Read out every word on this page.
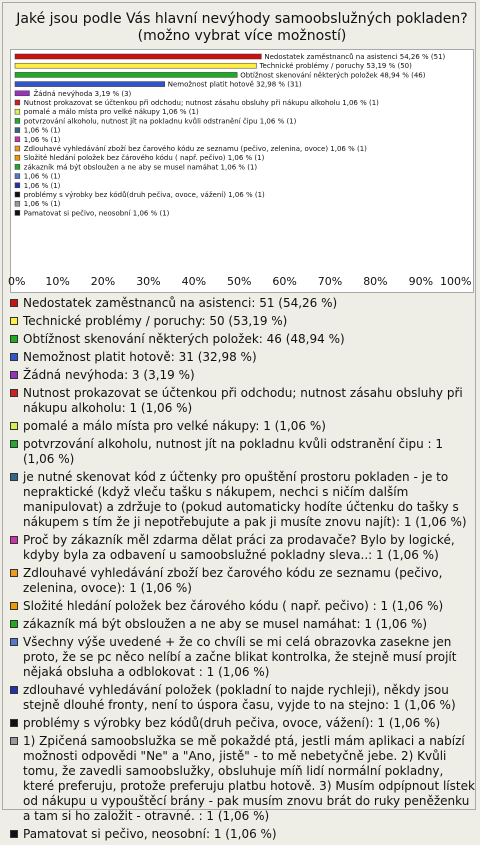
Jaké jsou podle Vás hlavní nevýhody samoobslužných pokladen?
(možno vybrat více možností)
Nedostatek zaměstnanců na asistenci 54,26 % (51)
Technické problémy / poruchy 53,19 % (50)
Obtížnost skenování některých položek 48,94 % (46)
Nemožnost platit hotově 32,98 % (31)
Žádná nevýhoda 3,19 % (3)
Nutnost prokazovat se účtenkou při odchodu; nutnost zásahu obsluhy při nákupu alkoholu 1,06 % (1)
pomalé a málo místa pro velké nákupy 1,06 % (1)
potvrzování alkoholu, nutnost jít na pokladnu kvůli odstranění čipu 1,06 % (1)
1,06 % (1)
1,06 % (1)
Zdlouhavé vyhledávání zboží bez čarového kódu ze seznamu (pečivo, zelenina, ovoce) 1,06 % (1)
Složité hledání položek bez čárového kódu ( např. pečivo) 1,06 % (1)
zákazník má být obsloužen a ne aby se musel namáhat 1,06 % (1)
1,06 % (1)
1,06 % (1)
problémy s výrobky bez kódů(druh pečiva, ovoce, vážení) 1,06 % (1)
1,06 % (1)
Pamatovat si pečivo, neosobní 1,06 % (1)
Nedostatek zaměstnanců na asistenci: 51 (54,26 %)
Technické problémy / poruchy: 50 (53,19 %)
Obtížnost skenování některých položek: 46 (48,94 %)
Nemožnost platit hotově: 31 (32,98 %)
Žádná nevýhoda: 3 (3,19 %)
Nutnost prokazovat se účtenkou při odchodu; nutnost zásahu obsluhy při nákupu alkoholu: 1 (1,06 %)
pomalé a málo místa pro velké nákupy: 1 (1,06 %)
potvrzování alkoholu, nutnost jít na pokladnu kvůli odstranění čipu : 1 (1,06 %)
je nutné skenovat kód z účtenky pro opuštění prostoru pokladen - je to nepraktické (když vleču tašku s nákupem, nechci s ničím dalším manipulovat) a zdržuje to (pokud automaticky hodíte účtenku do tašky s nákupem s tím že ji nepotřebujute a pak ji musíte znovu najít): 1 (1,06 %)
Proč by zákazník měl zdarma dělat práci za prodavače? Bylo by logické, kdyby byla za odbavení u samoobslužné pokladny sleva..: 1 (1,06 %)
Zdlouhavé vyhledávání zboží bez čarového kódu ze seznamu (pečivo, zelenina, ovoce): 1 (1,06 %)
Složité hledání položek bez čárového kódu ( např. pečivo) : 1 (1,06 %)
zákazník má být obsloužen a ne aby se musel namáhat: 1 (1,06 %)
Všechny výše uvedené + že co chvíli se mi celá obrazovka zasekne jen proto, že se pc něco nelíbí a začne blikat kontrolka, že stejně musí projít nějaká obsluha a odblokovat : 1 (1,06 %)
zdlouhavé vyhledávání položek (pokladní to najde rychleji), někdy jsou stejně dlouhé fronty, není to úspora času, vyjde to na stejno: 1 (1,06 %)
problémy s výrobky bez kódů(druh pečiva, ovoce, vážení): 1 (1,06 %)
1) Zpičená samoobslužka se mě pokaždé ptá, jestli mám aplikaci a nabízí možnosti odpovědi "Ne" a "Ano, jistě" - to mě nebetyčně jebe. 2) Kvůli tomu, že zavedli samoobslužky, obsluhuje míň lidí normální pokladny, které preferuju, protože preferuju platbu hotově. 3) Musím odpípnout lístek od nákupu u vypouštěcí brány - pak musím znovu brát do ruky peněženku a tam si ho založit - otravné. : 1 (1,06 %)
Pamatovat si pečivo, neosobní: 1 (1,06 %)
0% 10% 20% 30% 40% 50% 60% 70% 80% 90% 100%
